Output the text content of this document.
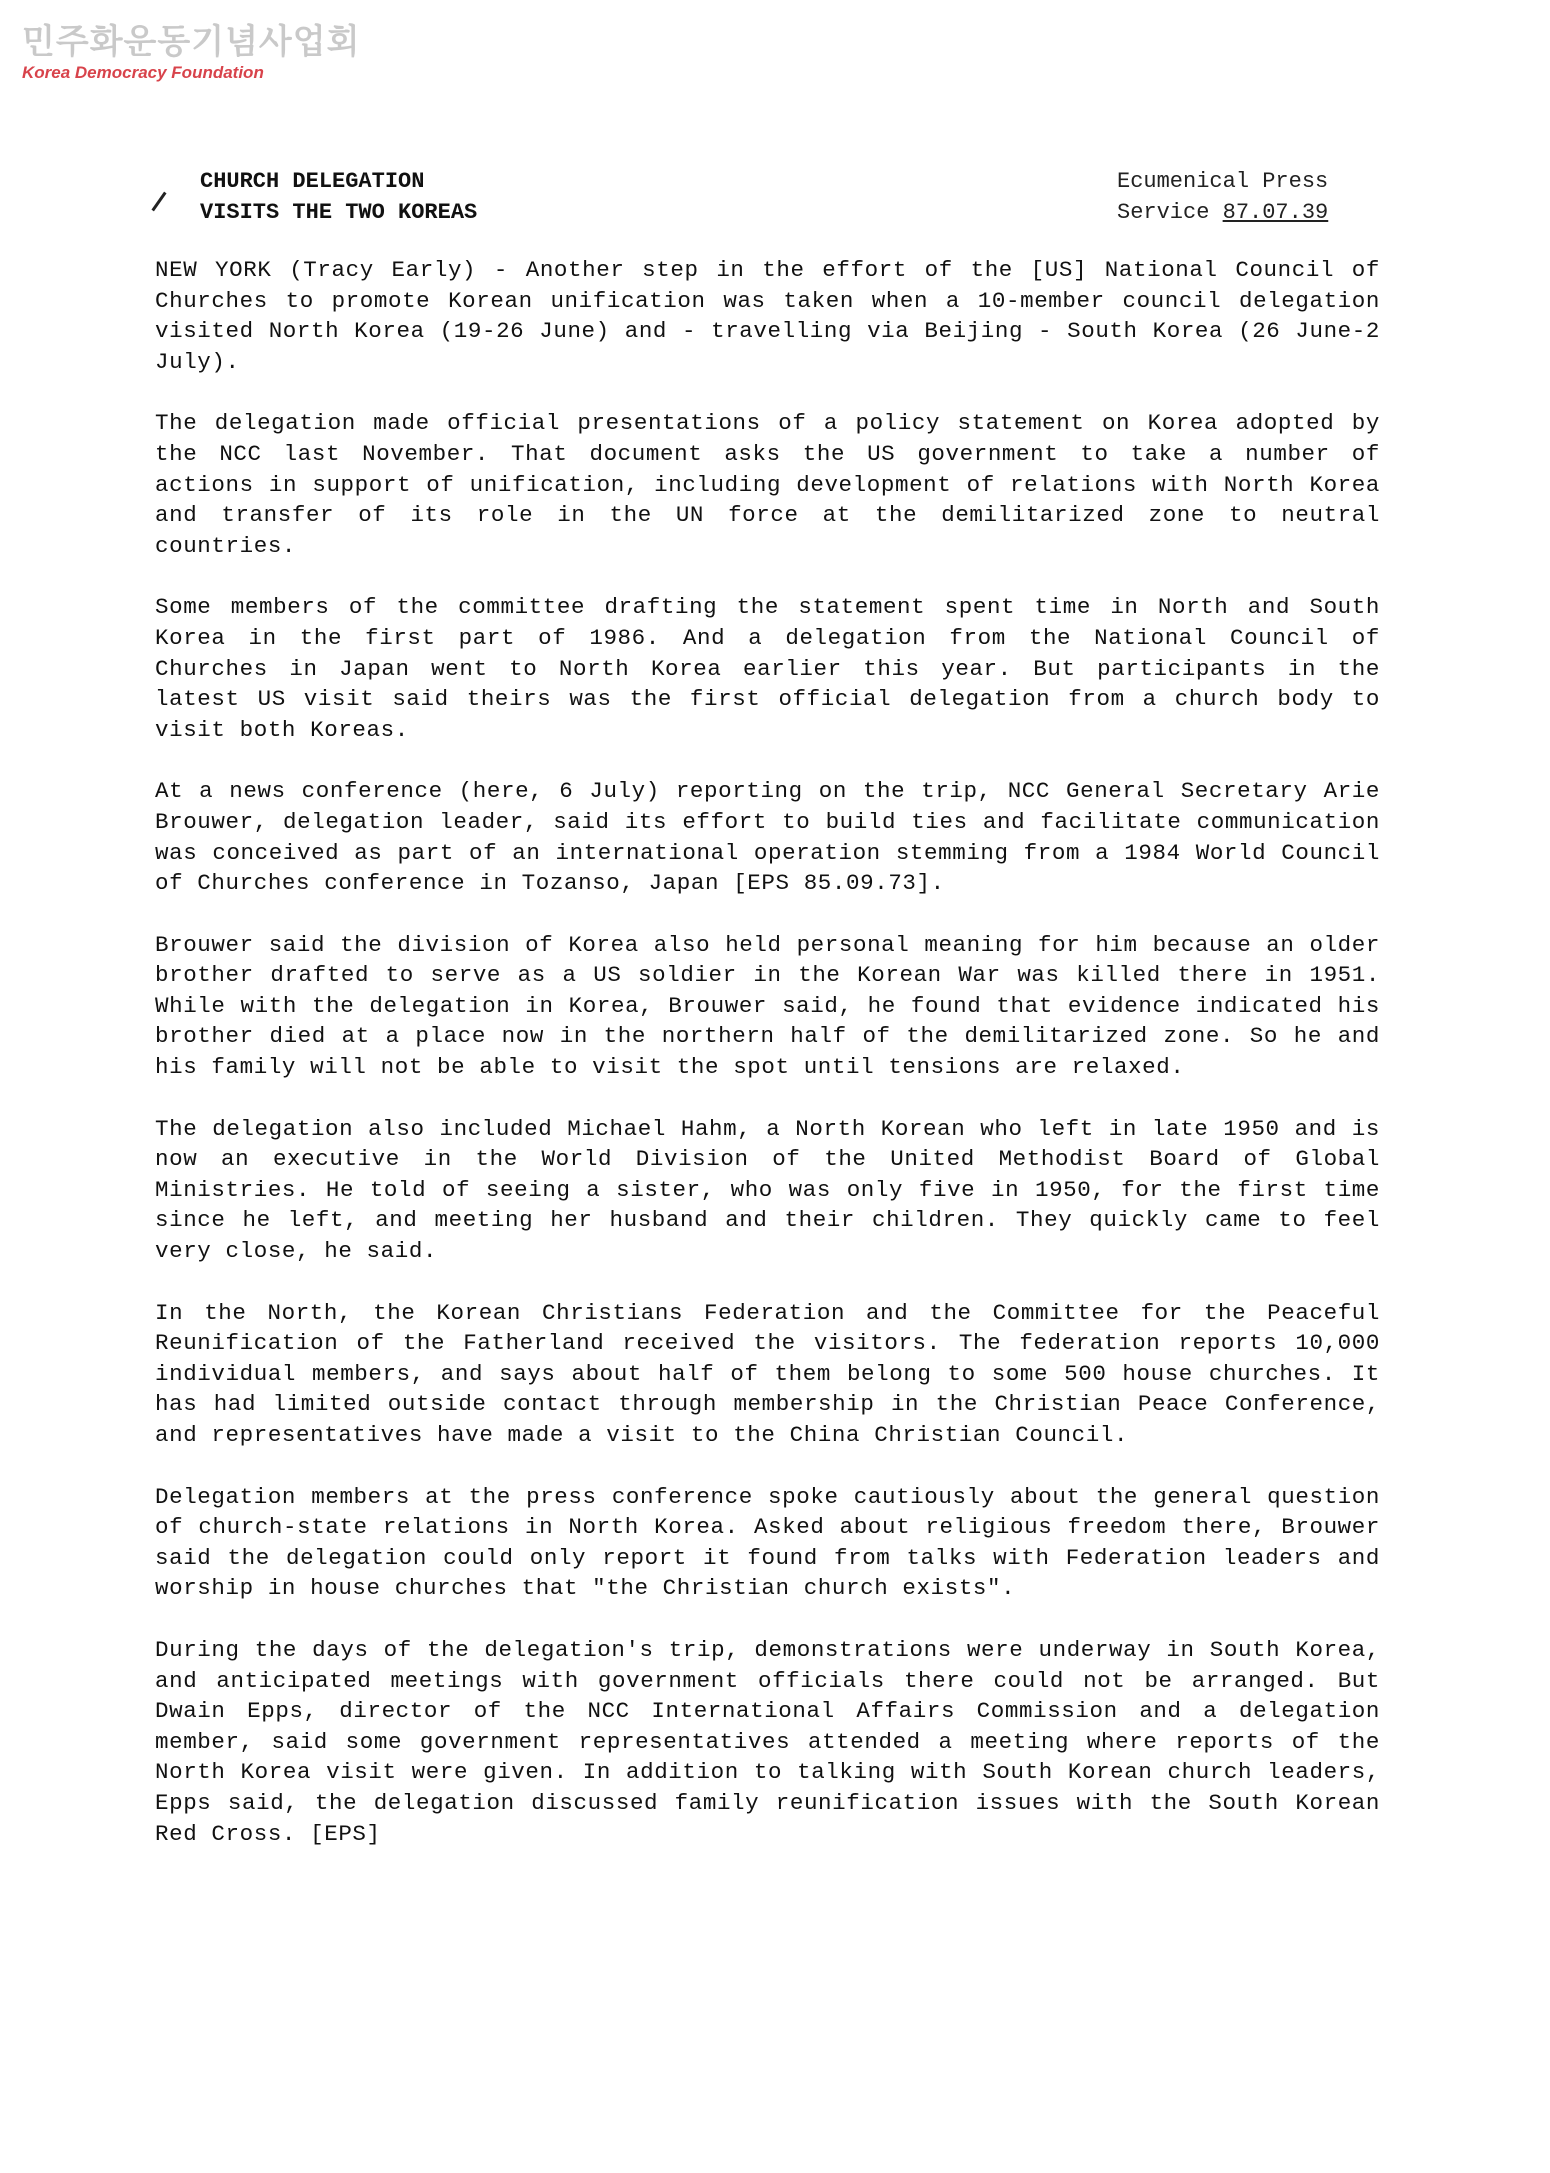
민주화운동기념사업회
Korea Democracy Foundation
CHURCH DELEGATION
VISITS THE TWO KOREAS
Ecumenical Press
Service 87.07.39

NEW YORK (Tracy Early) - Another step in the effort of the [US] National Council of Churches to promote Korean unification was taken when a 10-member council delegation visited North Korea (19-26 June) and - travelling via Beijing - South Korea (26 June-2 July).

The delegation made official presentations of a policy statement on Korea adopted by the NCC last November. That document asks the US government to take a number of actions in support of unification, including development of relations with North Korea and transfer of its role in the UN force at the demilitarized zone to neutral countries.

Some members of the committee drafting the statement spent time in North and South Korea in the first part of 1986. And a delegation from the National Council of Churches in Japan went to North Korea earlier this year. But participants in the latest US visit said theirs was the first official delegation from a church body to visit both Koreas.

At a news conference (here, 6 July) reporting on the trip, NCC General Secretary Arie Brouwer, delegation leader, said its effort to build ties and facilitate communication was conceived as part of an international operation stemming from a 1984 World Council of Churches conference in Tozanso, Japan [EPS 85.09.73].

Brouwer said the division of Korea also held personal meaning for him because an older brother drafted to serve as a US soldier in the Korean War was killed there in 1951. While with the delegation in Korea, Brouwer said, he found that evidence indicated his brother died at a place now in the northern half of the demilitarized zone. So he and his family will not be able to visit the spot until tensions are relaxed.

The delegation also included Michael Hahm, a North Korean who left in late 1950 and is now an executive in the World Division of the United Methodist Board of Global Ministries. He told of seeing a sister, who was only five in 1950, for the first time since he left, and meeting her husband and their children. They quickly came to feel very close, he said.

In the North, the Korean Christians Federation and the Committee for the Peaceful Reunification of the Fatherland received the visitors. The federation reports 10,000 individual members, and says about half of them belong to some 500 house churches. It has had limited outside contact through membership in the Christian Peace Conference, and representatives have made a visit to the China Christian Council.

Delegation members at the press conference spoke cautiously about the general question of church-state relations in North Korea. Asked about religious freedom there, Brouwer said the delegation could only report it found from talks with Federation leaders and worship in house churches that "the Christian church exists".

During the days of the delegation's trip, demonstrations were underway in South Korea, and anticipated meetings with government officials there could not be arranged. But Dwain Epps, director of the NCC International Affairs Commission and a delegation member, said some government representatives attended a meeting where reports of the North Korea visit were given. In addition to talking with South Korean church leaders, Epps said, the delegation discussed family reunification issues with the South Korean Red Cross. [EPS]
